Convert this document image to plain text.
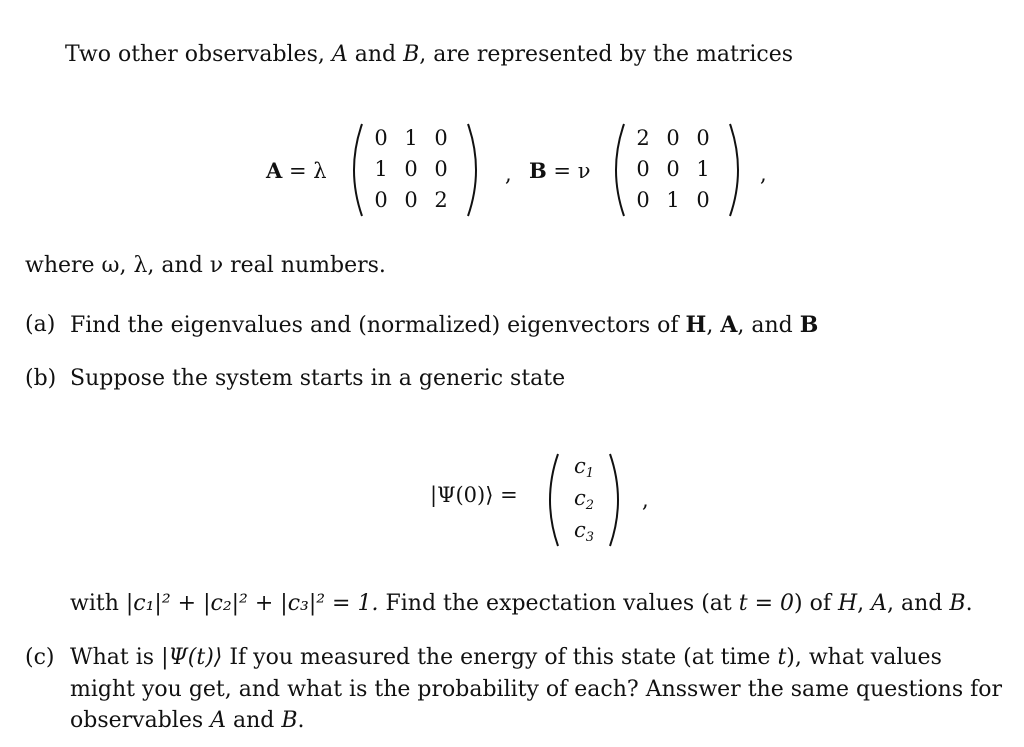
Two other observables, A and B, are represented by the matrices
A = λ
0 1 0
1 0 0
0 0 2
, B = ν
2 0 0
0 0 1
0 1 0
,
where ω, λ, and ν real numbers.
(a) Find the eigenvalues and (normalized) eigenvectors of H, A, and B
(b) Suppose the system starts in a generic state
|Ψ(0)⟩ =
$c_1$
$c_2$
$c_3$
,
with |c₁|² + |c₂|² + |c₃|² = 1. Find the expectation values (at t = 0) of H, A, and B.
(c) What is |Ψ(t)⟩ If you measured the energy of this state (at time t), what values
might you get, and what is the probability of each? Ansswer the same questions for
observables A and B.
